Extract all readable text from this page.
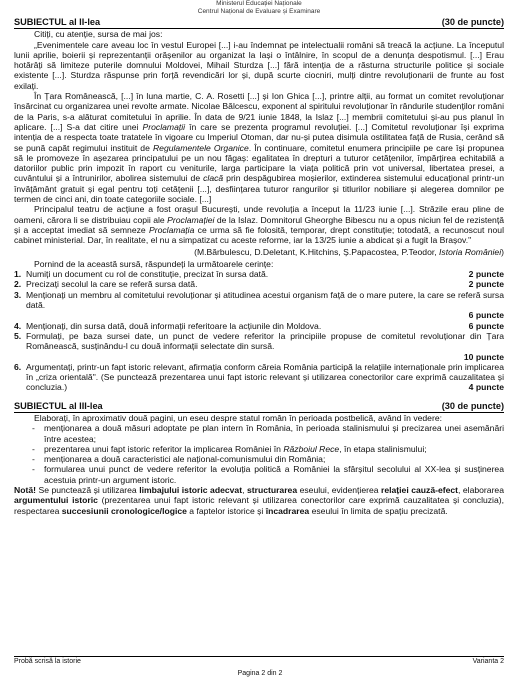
Ministerul Educației Naționale
Centrul Național de Evaluare și Examinare
SUBIECTUL al II-lea	(30 de puncte)

Citiți, cu atenție, sursa de mai jos:

„Evenimentele care aveau loc în vestul Europei [...] i-au îndemnat pe intelectualii români să treacă la acțiune. La începutul lunii aprilie, boierii și reprezentanții orășenilor au organizat la Iași o întâlnire, în scopul de a denunța despotismul. [...] Erau hotărâți să limiteze puterile domnului Moldovei, Mihail Sturdza [...] fără intenția de a răsturna structurile politice și sociale existente [...]. Sturdza răspunse prin forță revendicări lor și, după scurte ciocniri, mulți dintre revoluționarii de frunte au fost exilați.

În Țara Românească, [...] în luna martie, C. A. Rosetti [...] și Ion Ghica [...], printre alții, au format un comitet revoluționar însărcinat cu organizarea unei revolte armate. Nicolae Bălcescu, exponent al spiritului revoluționar în rândurile studenților români de la Paris, s-a alăturat comitetului în aprilie. În data de 9/21 iunie 1848, la Islaz [...] membrii comitetului și-au pus planul în aplicare. [...] S-a dat citire unei Proclamații în care se prezenta programul revoluției. [...] Comitetul revoluționar își exprima intenția de a respecta toate tratatele în vigoare cu Imperiul Otoman, dar nu-și putea disimula ostilitatea față de Rusia, cerând să se pună capăt regimului instituit de Regulamentele Organice. În continuare, comitetul enumera principiile pe care își propunea să le promoveze în așezarea principatului pe un nou făgaș: egalitatea în drepturi a tuturor cetățenilor, împărțirea echitabilă a datoriilor public prin impozit în raport cu veniturile, larga participare la viața politică prin vot universal, libertatea presei, a cuvântului și a întrunirilor, abolirea sistemului de clacă prin despăgubirea moșierilor, extinderea sistemului educațional printr-un învățământ gratuit și egal pentru toți cetățenii [...], desființarea tuturor rangurilor și titlurilor nobiliare și alegerea domnilor pe termen de cinci ani, din toate categoriile sociale. [...]

Principalul teatru de acțiune a fost orașul București, unde revoluția a început la 11/23 iunie [...]. Străzile erau pline de oameni, cărora li se distribuiau copii ale Proclamației de la Islaz. Domnitorul Gheorghe Bibescu nu a opus niciun fel de rezistență și a acceptat imediat să semneze Proclamația ce urma să fie folosită, temporar, drept constituție; totodată, a recunoscut noul cabinet ministerial. Dar, în realitate, el nu a simpatizat cu aceste reforme, iar la 13/25 iunie a abdicat și a fugit la Brașov."

(M.Bărbulescu, D.Deletant, K.Hitchins, Ș.Papacostea, P.Teodor, Istoria României)

Pornind de la această sursă, răspundeți la următoarele cerințe:

1. Numiți un document cu rol de constituție, precizat în sursa dată.	2 puncte
2. Precizați secolul la care se referă sursa dată.	2 puncte
3. Menționați un membru al comitetului revoluționar și atitudinea acestui organism față de o mare putere, la care se referă sursa dată.

6 puncte
4. Menționați, din sursa dată, două informații referitoare la acțiunile din Moldova.	6 puncte
5. Formulați, pe baza sursei date, un punct de vedere referitor la principiile propuse de comitetul revoluționar din Țara Românească, susținându-l cu două informații selectate din sursă.

10 puncte
6. Argumentați, printr-un fapt istoric relevant, afirmația conform căreia România participă la relațiile internaționale prin implicarea în „criza orientală". (Se punctează prezentarea unui fapt istoric relevant și utilizarea conectorilor care exprimă cauzalitatea și concluzia.)	4 puncte
SUBIECTUL al III-lea	(30 de puncte)

Elaborați, în aproximativ două pagini, un eseu despre statul român în perioada postbelică, având în vedere:

- menționarea a două măsuri adoptate pe plan intern în România, în perioada stalinismului și precizarea unei asemănări între acestea;
- prezentarea unui fapt istoric referitor la implicarea României în Războiul Rece, în etapa stalinismului;
- menționarea a două caracteristici ale național-comunismului din România;
- formularea unui punct de vedere referitor la evoluția politică a României la sfârșitul secolului al XX-lea și susținerea acestuia printr-un argument istoric.

Notă! Se punctează și utilizarea limbajului istoric adecvat, structurarea eseului, evidențierea relației cauză-efect, elaborarea argumentului istoric (prezentarea unui fapt istoric relevant și utilizarea conectorilor care exprimă cauzalitatea și concluzia), respectarea succesiunii cronologice/logice a faptelor istorice și încadrarea eseului în limita de spațiu precizată.

Probă scrisă la istorie	Varianta 2
Pagina 2 din 2
